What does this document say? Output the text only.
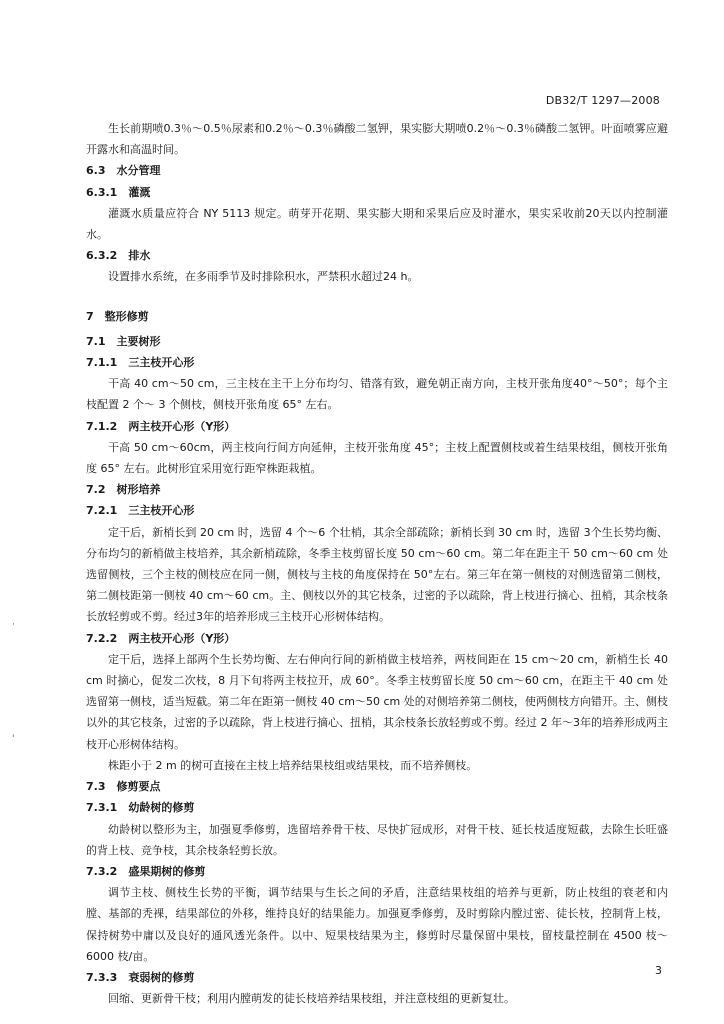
DB32/T 1297—2008

生长前期喷0.3％～0.5％尿素和0.2％～0.3％磷酸二氢钾，果实膨大期喷0.2％～0.3％磷酸二氢钾。叶面喷雾应避开露水和高温时间。

6.3　水分管理

6.3.1　灌溉

灌溉水质量应符合 NY 5113 规定。萌芽开花期、果实膨大期和采果后应及时灌水，果实采收前20天以内控制灌水。

6.3.2　排水

设置排水系统，在多雨季节及时排除积水，严禁积水超过24 h。

7　整形修剪

7.1　主要树形

7.1.1　三主枝开心形

干高 40 cm～50 cm，三主枝在主干上分布均匀、错落有致，避免朝正南方向，主枝开张角度40°～50°；每个主枝配置 2 个～ 3 个侧枝，侧枝开张角度 65° 左右。

7.1.2　两主枝开心形（Y形）

干高 50 cm～60cm，两主枝向行间方向延伸，主枝开张角度 45°；主枝上配置侧枝或着生结果枝组，侧枝开张角度 65° 左右。此树形宜采用宽行距窄株距栽植。

7.2　树形培养

7.2.1　三主枝开心形

定干后，新梢长到 20 cm 时，选留 4 个～6 个壮梢，其余全部疏除；新梢长到 30 cm 时，选留 3个生长势均衡、分布均匀的新梢做主枝培养，其余新梢疏除，冬季主枝剪留长度 50 cm～60 cm。第二年在距主干 50 cm～60 cm 处选留侧枝，三个主枝的侧枝应在同一侧，侧枝与主枝的角度保持在 50°左右。第三年在第一侧枝的对侧选留第二侧枝，第二侧枝距第一侧枝 40 cm～60 cm。主、侧枝以外的其它枝条，过密的予以疏除，背上枝进行摘心、扭梢，其余枝条长放轻剪或不剪。经过3年的培养形成三主枝开心形树体结构。

7.2.2　两主枝开心形（Y形）

定干后，选择上部两个生长势均衡、左右伸向行间的新梢做主枝培养，两枝间距在 15 cm～20 cm，新梢生长 40 cm 时摘心，促发二次枝，8 月下旬将两主枝拉开，成 60°。冬季主枝剪留长度 50 cm～60 cm，在距主干 40 cm 处选留第一侧枝，适当短截。第二年在距第一侧枝 40 cm～50 cm 处的对侧培养第二侧枝，使两侧枝方向错开。主、侧枝以外的其它枝条，过密的予以疏除，背上枝进行摘心、扭梢，其余枝条长放轻剪或不剪。经过 2 年～3年的培养形成两主枝开心形树体结构。

株距小于 2 m 的树可直接在主枝上培养结果枝组或结果枝，而不培养侧枝。

7.3　修剪要点

7.3.1　幼龄树的修剪

幼龄树以整形为主，加强夏季修剪，选留培养骨干枝、尽快扩冠成形，对骨干枝、延长枝适度短截，去除生长旺盛的背上枝、竞争枝，其余枝条轻剪长放。

7.3.2　盛果期树的修剪

调节主枝、侧枝生长势的平衡，调节结果与生长之间的矛盾，注意结果枝组的培养与更新，防止枝组的衰老和内膛、基部的秃裸，结果部位的外移，维持良好的结果能力。加强夏季修剪，及时剪除内膛过密、徒长枝，控制背上枝，保持树势中庸以及良好的通风透光条件。以中、短果枝结果为主，修剪时尽量保留中果枝，留枝量控制在 4500 枝～6000 枝/亩。

7.3.3　衰弱树的修剪

回缩、更新骨干枝；利用内膛萌发的徒长枝培养结果枝组，并注意枝组的更新复壮。

'
·
3
